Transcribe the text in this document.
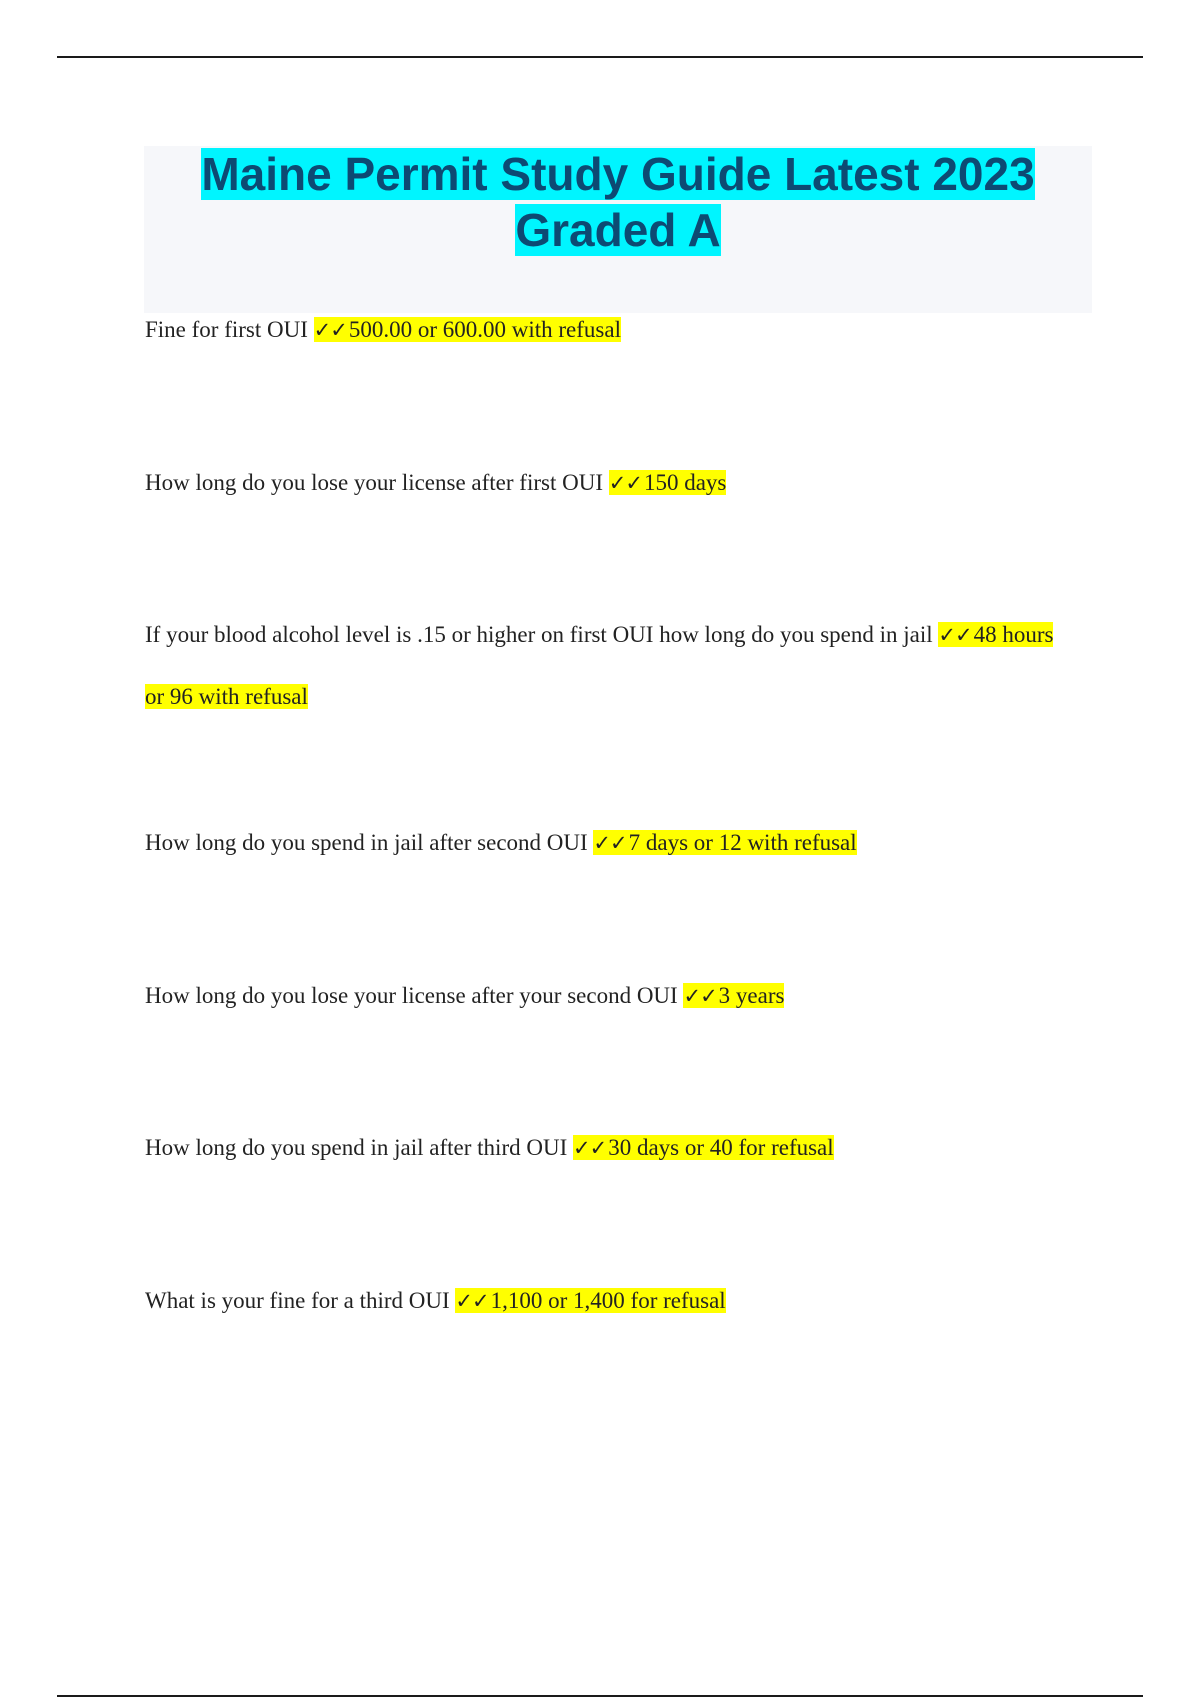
Maine Permit Study Guide Latest 2023
Graded A

Fine for first OUI ✓✓500.00 or 600.00 with refusal

How long do you lose your license after first OUI ✓✓150 days

If your blood alcohol level is .15 or higher on first OUI how long do you spend in jail ✓✓48 hours or 96 with refusal

How long do you spend in jail after second OUI ✓✓7 days or 12 with refusal

How long do you lose your license after your second OUI ✓✓3 years

How long do you spend in jail after third OUI ✓✓30 days or 40 for refusal

What is your fine for a third OUI ✓✓1,100 or 1,400 for refusal
